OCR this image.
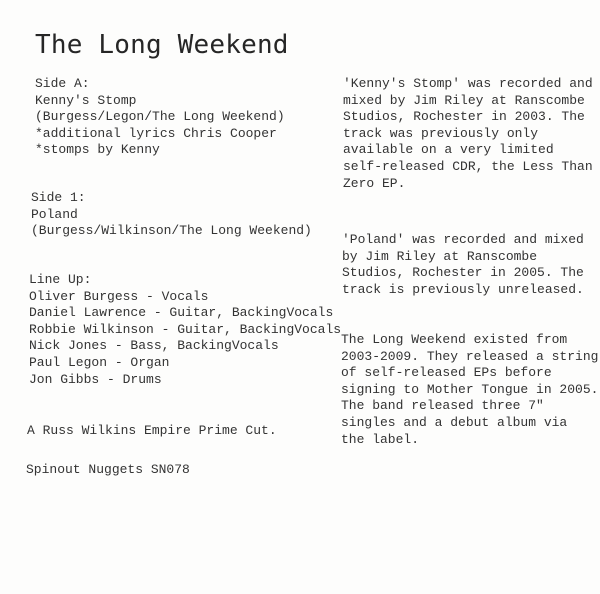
The Long Weekend
Side A:
Kenny's Stomp
(Burgess/Legon/The Long Weekend)
*additional lyrics Chris Cooper
*stomps by Kenny
Side 1:
Poland
(Burgess/Wilkinson/The Long Weekend)
Line Up:
Oliver Burgess - Vocals
Daniel Lawrence - Guitar, BackingVocals
Robbie Wilkinson - Guitar, BackingVocals
Nick Jones - Bass, BackingVocals
Paul Legon - Organ
Jon Gibbs - Drums
A Russ Wilkins Empire Prime Cut.
Spinout Nuggets SN078
'Kenny's Stomp' was recorded and
mixed by Jim Riley at Ranscombe
Studios, Rochester in 2003. The
track was previously only
available on a very limited
self-released CDR, the Less Than
Zero EP.
'Poland' was recorded and mixed
by Jim Riley at Ranscombe
Studios, Rochester in 2005. The
track is previously unreleased.
The Long Weekend existed from
2003-2009. They released a string
of self-released EPs before
signing to Mother Tongue in 2005.
The band released three 7"
singles and a debut album via
the label.
